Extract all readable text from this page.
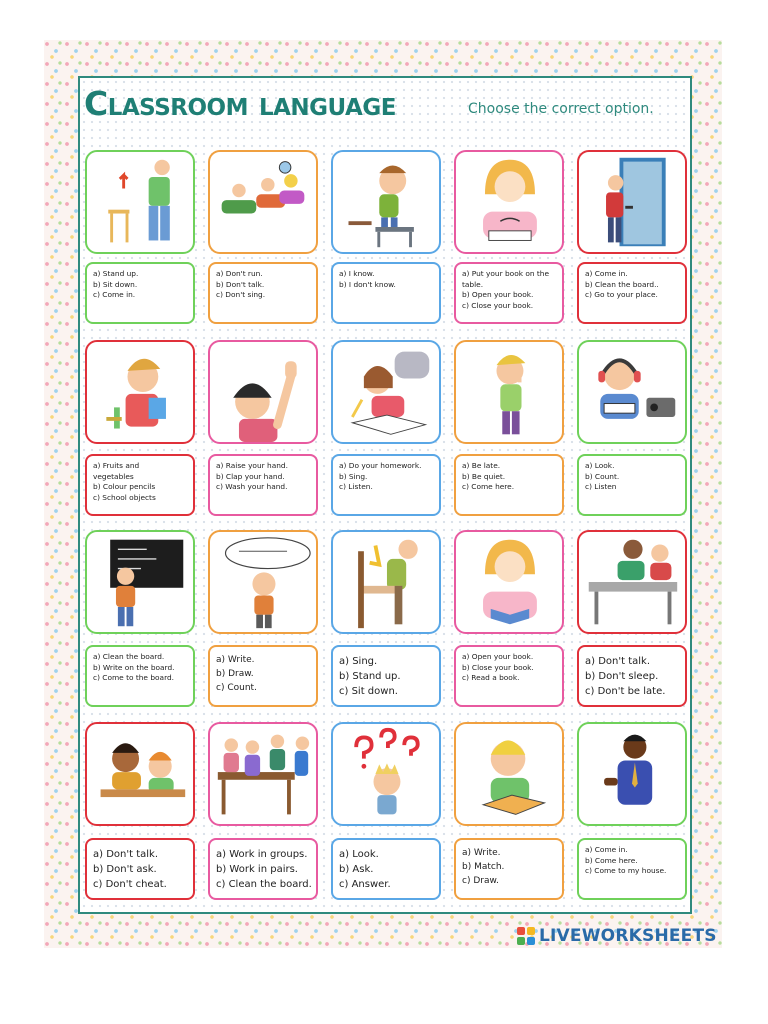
Classroom language	Choose the correct option.
a) Stand up.
b) Sit down.
c) Come in.
a) Don't run.
b) Don't talk.
c) Don't sing.
a) I know.
b) I don't know.
a) Put your book on the
table.
b) Open your book.
c) Close your book.
a) Come in.
b) Clean the board..
c) Go to your place.
a) Fruits and
vegetables
b) Colour pencils
c) School objects
a) Raise your hand.
b) Clap your hand.
c) Wash your hand.
a) Do your homework.
b) Sing.
c) Listen.
a) Be late.
b) Be quiet.
c) Come here.
a) Look.
b) Count.
c) Listen
a) Clean the board.
b) Write on the board.
c) Come to the board.
a) Write.
b) Draw.
c) Count.
a) Sing.
b) Stand up.
c) Sit down.
a) Open your book.
b) Close your book.
c) Read a book.
a) Don't talk.
b) Don't sleep.
c) Don't be late.
a) Don't talk.
b) Don't ask.
c) Don't cheat.
a) Work in groups.
b) Work in pairs.
c) Clean the board.
a) Look.
b) Ask.
c) Answer.
a) Write.
b) Match.
c) Draw.
a) Come in.
b) Come here.
c) Come to my house.
LIVEWORKSHEETS
